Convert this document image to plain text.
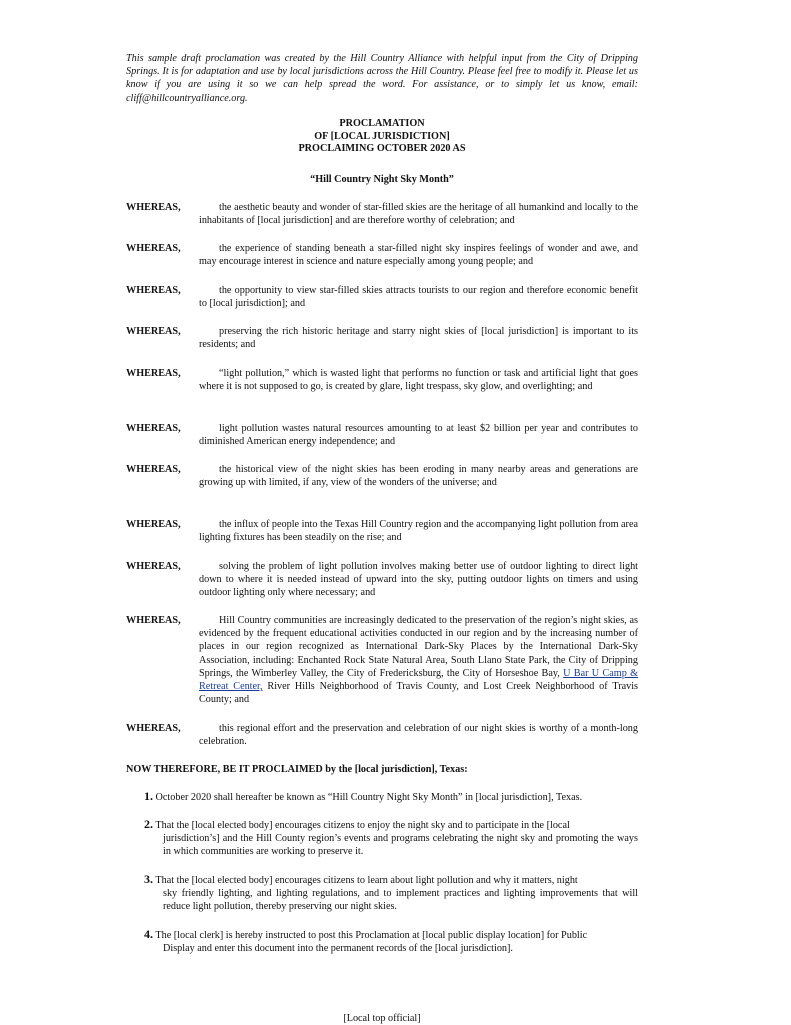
This sample draft proclamation was created by the Hill Country Alliance with helpful input from the City of Dripping Springs. It is for adaptation and use by local jurisdictions across the Hill Country. Please feel free to modify it. Please let us know if you are using it so we can help spread the word. For assistance, or to simply let us know, email: cliff@hillcountryalliance.org.
PROCLAMATION
OF [LOCAL JURISDICTION]
PROCLAIMING OCTOBER 2020 AS
“Hill Country Night Sky Month”
WHEREAS,	the aesthetic beauty and wonder of star-filled skies are the heritage of all humankind and locally to the inhabitants of [local jurisdiction] and are therefore worthy of celebration; and
WHEREAS,	the experience of standing beneath a star-filled night sky inspires feelings of wonder and awe, and may encourage interest in science and nature especially among young people; and
WHEREAS,	the opportunity to view star-filled skies attracts tourists to our region and therefore economic benefit to [local jurisdiction]; and
WHEREAS,	preserving the rich historic heritage and starry night skies of [local jurisdiction] is important to its residents; and
WHEREAS,	“light pollution,” which is wasted light that performs no function or task and artificial light that goes where it is not supposed to go, is created by glare, light trespass, sky glow, and overlighting; and
WHEREAS,	light pollution wastes natural resources amounting to at least $2 billion per year and contributes to diminished American energy independence; and
WHEREAS,	the historical view of the night skies has been eroding in many nearby areas and generations are growing up with limited, if any, view of the wonders of the universe; and
WHEREAS,	the influx of people into the Texas Hill Country region and the accompanying light pollution from area lighting fixtures has been steadily on the rise; and
WHEREAS,	solving the problem of light pollution involves making better use of outdoor lighting to direct light down to where it is needed instead of upward into the sky, putting outdoor lights on timers and using outdoor lighting only where necessary; and
WHEREAS,	Hill Country communities are increasingly dedicated to the preservation of the region’s night skies, as evidenced by the frequent educational activities conducted in our region and by the increasing number of places in our region recognized as International Dark-Sky Places by the International Dark-Sky Association, including: Enchanted Rock State Natural Area, South Llano State Park, the City of Dripping Springs, the Wimberley Valley, the City of Fredericksburg, the City of Horseshoe Bay, U Bar U Camp & Retreat Center, River Hills Neighborhood of Travis County, and Lost Creek Neighborhood of Travis County; and
WHEREAS,	this regional effort and the preservation and celebration of our night skies is worthy of a month-long celebration.
NOW THEREFORE, BE IT PROCLAIMED by the [local jurisdiction], Texas:
1. October 2020 shall hereafter be known as “Hill Country Night Sky Month” in [local jurisdiction], Texas.
2. That the [local elected body] encourages citizens to enjoy the night sky and to participate in the [local
jurisdiction’s] and the Hill County region’s events and programs celebrating the night sky and promoting the ways in which communities are working to preserve it.
3. That the [local elected body] encourages citizens to learn about light pollution and why it matters, night
sky friendly lighting, and lighting regulations, and to implement practices and lighting improvements that will reduce light pollution, thereby preserving our night skies.
4. The [local clerk] is hereby instructed to post this Proclamation at [local public display location] for Public
Display and enter this document into the permanent records of the [local jurisdiction].
[Local top official]
